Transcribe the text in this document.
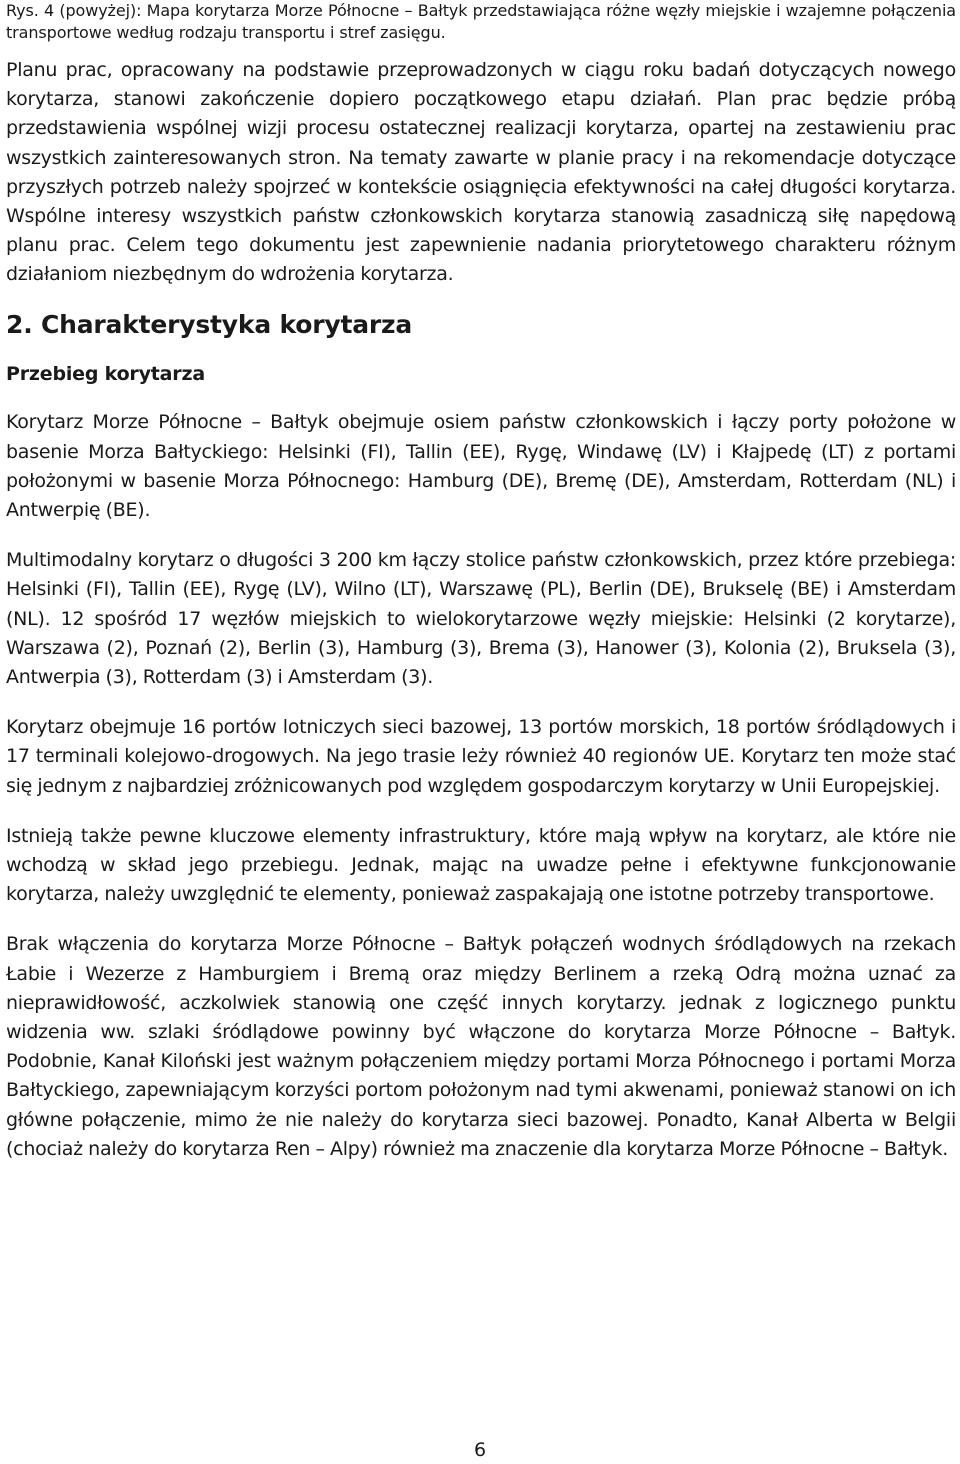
Rys. 4 (powyżej): Mapa korytarza Morze Północne – Bałtyk przedstawiająca różne węzły miejskie i wzajemne połączenia transportowe według rodzaju transportu i stref zasięgu.

Planu prac, opracowany na podstawie przeprowadzonych w ciągu roku badań dotyczących nowego korytarza, stanowi zakończenie dopiero początkowego etapu działań. Plan prac będzie próbą przedstawienia wspólnej wizji procesu ostatecznej realizacji korytarza, opartej na zestawieniu prac wszystkich zainteresowanych stron. Na tematy zawarte w planie pracy i na rekomendacje dotyczące przyszłych potrzeb należy spojrzeć w kontekście osiągnięcia efektywności na całej długości korytarza. Wspólne interesy wszystkich państw członkowskich korytarza stanowią zasadniczą siłę napędową planu prac. Celem tego dokumentu jest zapewnienie nadania priorytetowego charakteru różnym działaniom niezbędnym do wdrożenia korytarza.

2. Charakterystyka korytarza
Przebieg korytarza

Korytarz Morze Północne – Bałtyk obejmuje osiem państw członkowskich i łączy porty położone w basenie Morza Bałtyckiego: Helsinki (FI), Tallin (EE), Rygę, Windawę (LV) i Kłajpedę (LT) z portami położonymi w basenie Morza Północnego: Hamburg (DE), Bremę (DE), Amsterdam, Rotterdam (NL) i Antwerpię (BE).

Multimodalny korytarz o długości 3 200 km łączy stolice państw członkowskich, przez które przebiega: Helsinki (FI), Tallin (EE), Rygę (LV), Wilno (LT), Warszawę (PL), Berlin (DE), Brukselę (BE) i Amsterdam (NL). 12 spośród 17 węzłów miejskich to wielokorytarzowe węzły miejskie: Helsinki (2 korytarze), Warszawa (2), Poznań (2), Berlin (3), Hamburg (3), Brema (3), Hanower (3), Kolonia (2), Bruksela (3), Antwerpia (3), Rotterdam (3) i Amsterdam (3).

Korytarz obejmuje 16 portów lotniczych sieci bazowej, 13 portów morskich, 18 portów śródlądowych i 17 terminali kolejowo-drogowych. Na jego trasie leży również 40 regionów UE. Korytarz ten może stać się jednym z najbardziej zróżnicowanych pod względem gospodarczym korytarzy w Unii Europejskiej.

Istnieją także pewne kluczowe elementy infrastruktury, które mają wpływ na korytarz, ale które nie wchodzą w skład jego przebiegu. Jednak, mając na uwadze pełne i efektywne funkcjonowanie korytarza, należy uwzględnić te elementy, ponieważ zaspakajają one istotne potrzeby transportowe.

Brak włączenia do korytarza Morze Północne – Bałtyk połączeń wodnych śródlądowych na rzekach Łabie i Wezerze z Hamburgiem i Bremą oraz między Berlinem a rzeką Odrą można uznać za nieprawidłowość, aczkolwiek stanowią one część innych korytarzy. jednak z logicznego punktu widzenia ww. szlaki śródlądowe powinny być włączone do korytarza Morze Północne – Bałtyk. Podobnie, Kanał Kiloński jest ważnym połączeniem między portami Morza Północnego i portami Morza Bałtyckiego, zapewniającym korzyści portom położonym nad tymi akwenami, ponieważ stanowi on ich główne połączenie, mimo że nie należy do korytarza sieci bazowej. Ponadto, Kanał Alberta w Belgii (chociaż należy do korytarza Ren – Alpy) również ma znaczenie dla korytarza Morze Północne – Bałtyk.

6
